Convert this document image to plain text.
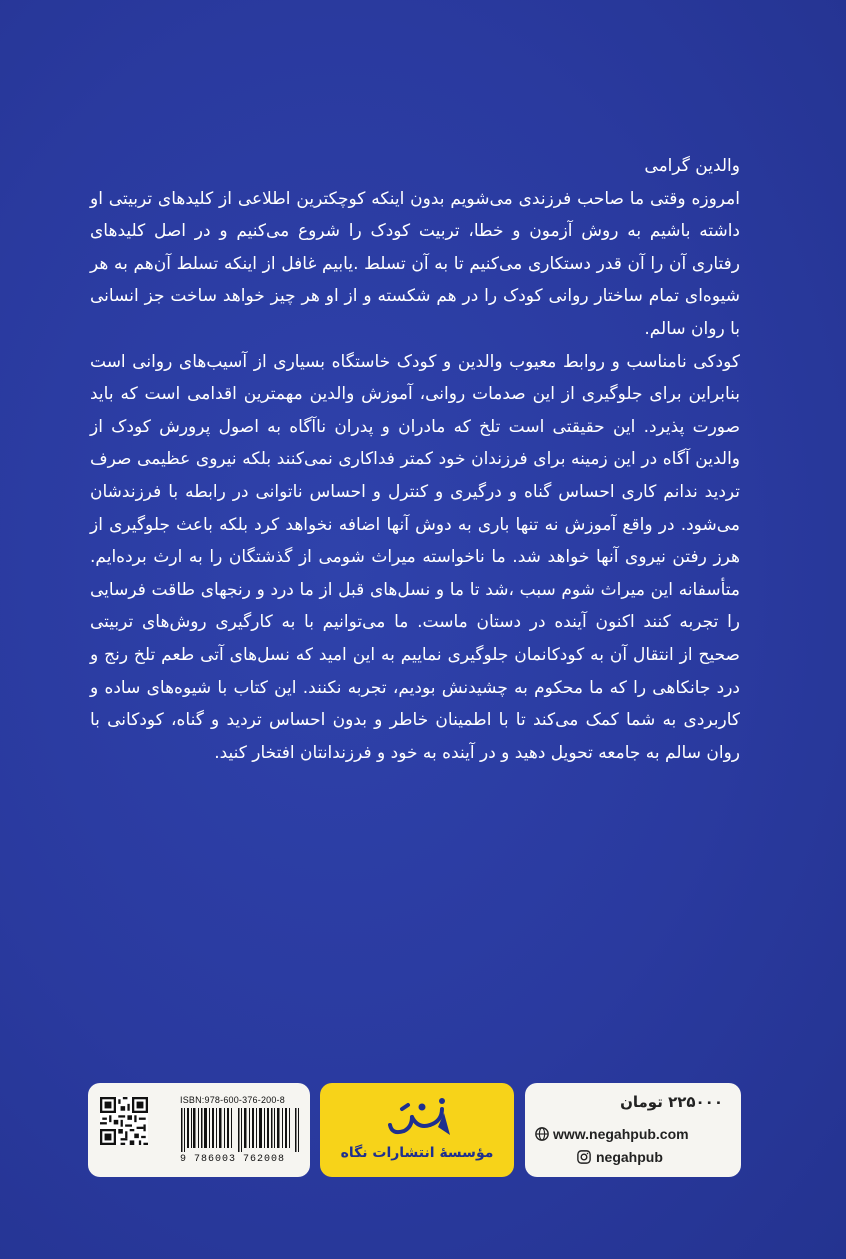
والدین گرامی

امروزه وقتی ما صاحب فرزندی می‌شویم بدون اینکه کوچکترین اطلاعی از کلیدهای تربیتی او داشته باشیم به روش آزمون و خطا، تربیت کودک را شروع می‌کنیم و در اصل کلیدهای رفتاری آن را آن قدر دستکاری می‌کنیم تا به آن تسلط .یابیم غافل از اینکه تسلط آن‌هم به هر شیوه‌ای تمام ساختار روانی کودک را در هم شکسته و از او هر چیز خواهد ساخت جز انسانی با روان سالم.

کودکی نامناسب و روابط معیوب والدین و کودک خاستگاه بسیاری از آسیب‌های روانی است بنابراین برای جلوگیری از این صدمات روانی، آموزش والدین مهمترین اقدامی است که باید صورت پذیرد. این حقیقتی است تلخ که مادران و پدران ناآگاه به اصول پرورش کودک از والدین آگاه در این زمینه برای فرزندان خود کمتر فداکاری نمی‌کنند بلکه نیروی عظیمی صرف تردید ندانم کاری احساس گناه و درگیری و کنترل و احساس ناتوانی در رابطه با فرزندشان می‌شود. در واقع آموزش نه تنها باری به دوش آنها اضافه نخواهد کرد بلکه باعث جلوگیری از هرز رفتن نیروی آنها خواهد شد. ما ناخواسته میراث شومی از گذشتگان را به ارث برده‌ایم. متأسفانه این میراث شوم سبب ،شد تا ما و نسل‌های قبل از ما درد و رنجهای طاقت فرسایی را تجربه کنند اکنون آینده در دستان ماست. ما می‌توانیم با به کارگیری روش‌های تربیتی صحیح از انتقال آن به کودکانمان جلوگیری نماییم به این امید که نسل‌های آتی طعم تلخ رنج و درد جانکاهی را که ما محکوم به چشیدنش بودیم، تجربه نکنند. این کتاب با شیوه‌های ساده و کاربردی به شما کمک می‌کند تا با اطمینان خاطر و بدون احساس تردید و گناه، کودکانی با روان سالم به جامعه تحویل دهید و در آینده به خود و فرزندانتان افتخار کنید.

ISBN:978-600-376-200-8
9 786003 762008	مؤسسهٔ انتشارات نگاه
۲۲۵۰۰۰ تومان
www.negahpub.com
negahpub
